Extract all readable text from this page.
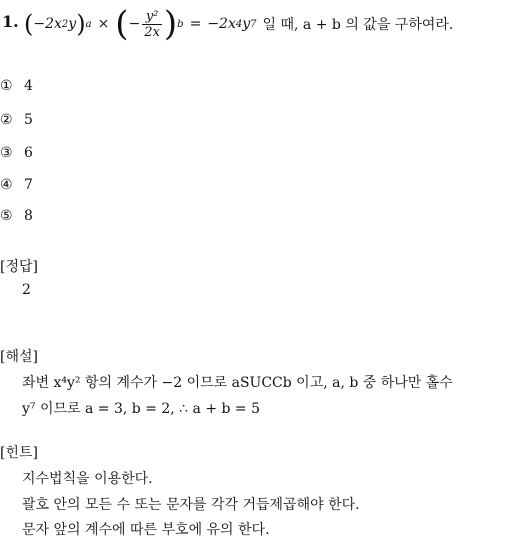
1. ( −2x 2 y ) a × ( − $\frac{\text{y²}}{2x}$ ) b = −2x 4 y 7 일 때, a + b 의 값을 구하여라.
① 4
② 5
③ 6
④ 7
⑤ 8
[정답]
2
[해설]
좌변 x⁴y² 항의 계수가 −2 이므로 aSUCCb 이고, a, b 중 하나만 홀수
y⁷ 이므로 a = 3, b = 2, ∴ a + b = 5
[힌트]
지수법칙을 이용한다.
괄호 안의 모든 수 또는 문자를 각각 거듭제곱해야 한다.
문자 앞의 계수에 따른 부호에 유의 한다.
